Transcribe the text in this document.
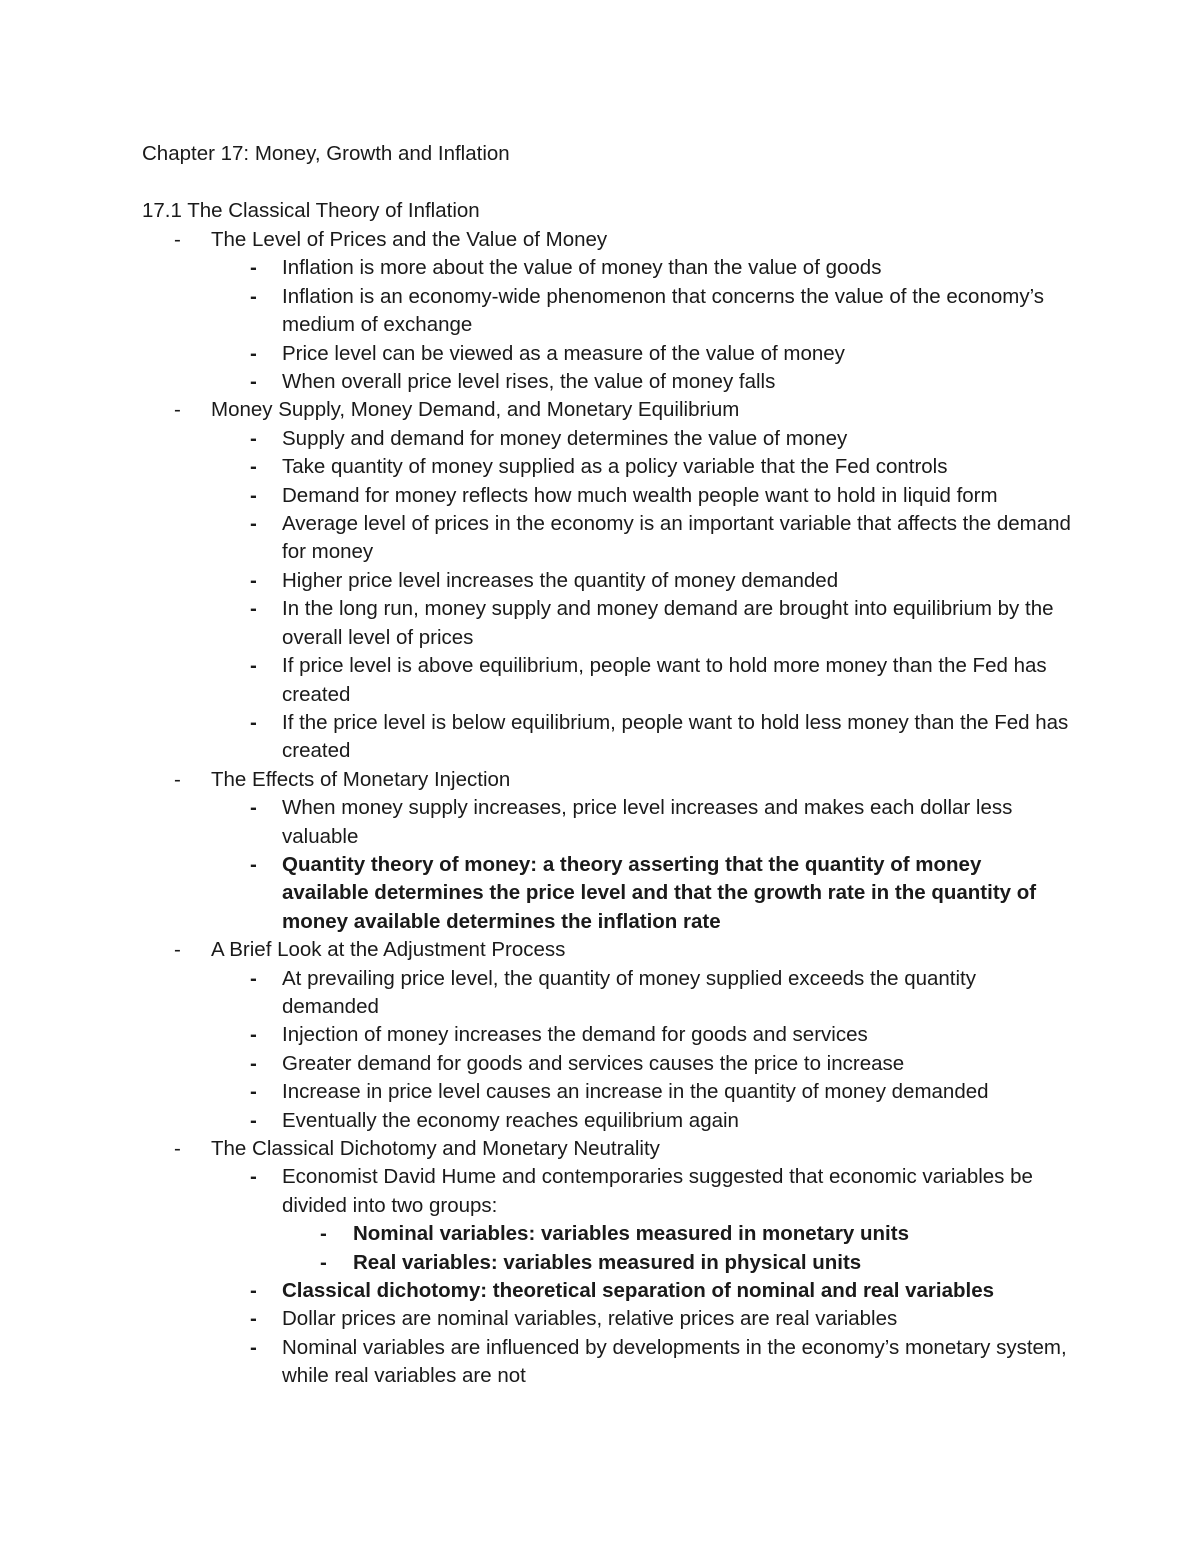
Chapter 17: Money, Growth and Inflation
17.1 The Classical Theory of Inflation
- The Level of Prices and the Value of Money
- Inflation is more about the value of money than the value of goods
- Inflation is an economy-wide phenomenon that concerns the value of the economy’s medium of exchange
- Price level can be viewed as a measure of the value of money
- When overall price level rises, the value of money falls
- Money Supply, Money Demand, and Monetary Equilibrium
- Supply and demand for money determines the value of money
- Take quantity of money supplied as a policy variable that the Fed controls
- Demand for money reflects how much wealth people want to hold in liquid form
- Average level of prices in the economy is an important variable that affects the demand for money
- Higher price level increases the quantity of money demanded
- In the long run, money supply and money demand are brought into equilibrium by the overall level of prices
- If price level is above equilibrium, people want to hold more money than the Fed has created
- If the price level is below equilibrium, people want to hold less money than the Fed has created
- The Effects of Monetary Injection
- When money supply increases, price level increases and makes each dollar less valuable
- Quantity theory of money: a theory asserting that the quantity of money available determines the price level and that the growth rate in the quantity of money available determines the inflation rate
- A Brief Look at the Adjustment Process
- At prevailing price level, the quantity of money supplied exceeds the quantity demanded
- Injection of money increases the demand for goods and services
- Greater demand for goods and services causes the price to increase
- Increase in price level causes an increase in the quantity of money demanded
- Eventually the economy reaches equilibrium again
- The Classical Dichotomy and Monetary Neutrality
- Economist David Hume and contemporaries suggested that economic variables be divided into two groups:
- Nominal variables: variables measured in monetary units
- Real variables: variables measured in physical units
- Classical dichotomy: theoretical separation of nominal and real variables
- Dollar prices are nominal variables, relative prices are real variables
- Nominal variables are influenced by developments in the economy’s monetary system, while real variables are not
